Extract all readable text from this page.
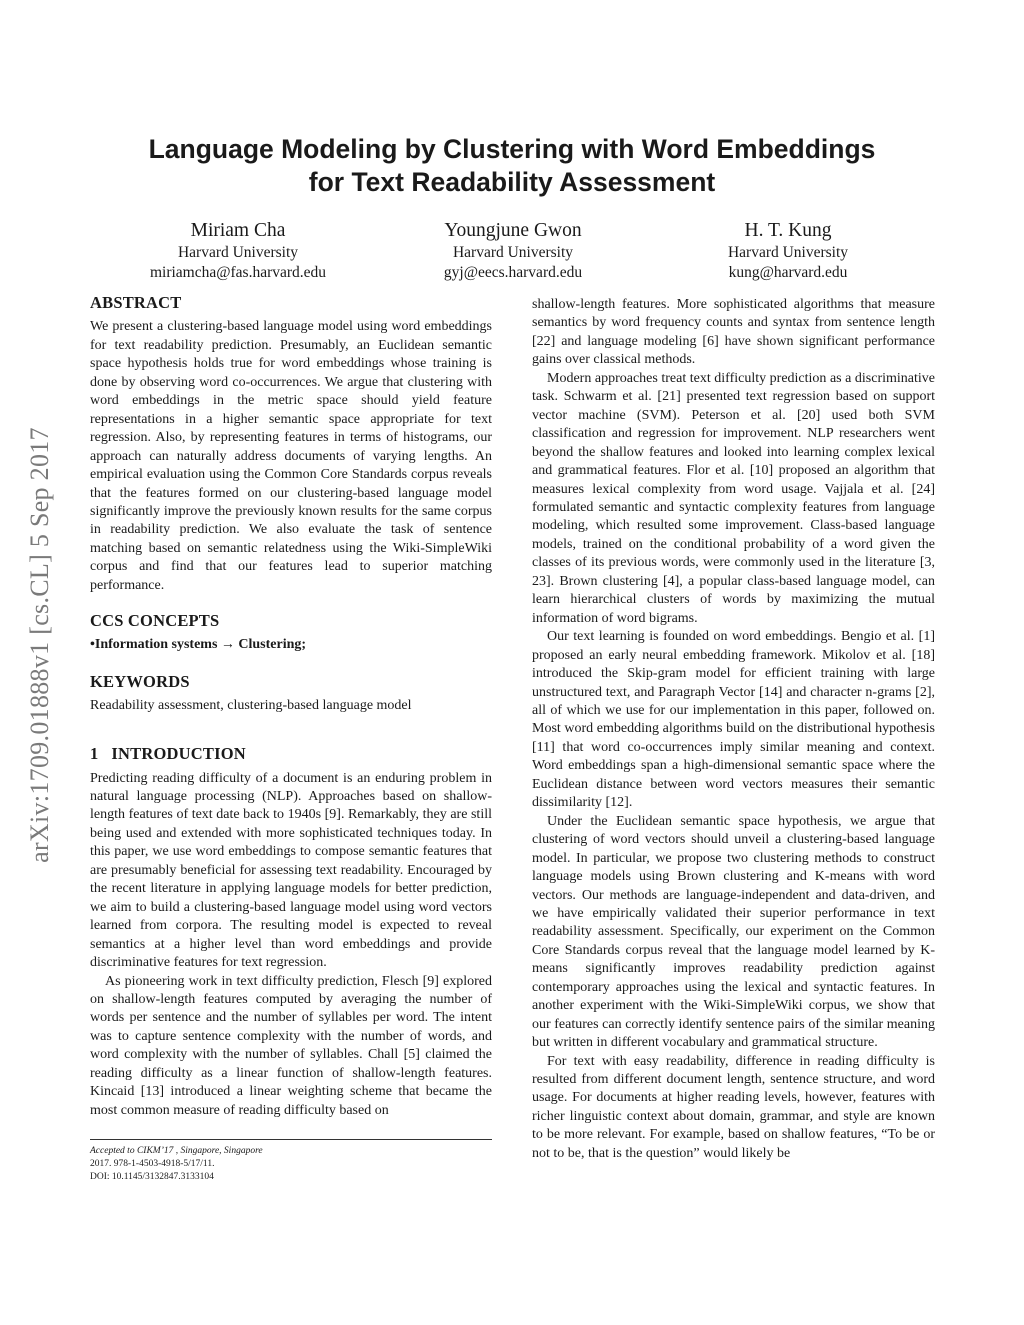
arXiv:1709.01888v1 [cs.CL] 5 Sep 2017
Language Modeling by Clustering with Word Embeddings
for Text Readability Assessment
Miriam Cha
Harvard University
miriamcha@fas.harvard.edu
Youngjune Gwon
Harvard University
gyj@eecs.harvard.edu
H. T. Kung
Harvard University
kung@harvard.edu
ABSTRACT

We present a clustering-based language model using word embeddings for text readability prediction. Presumably, an Euclidean semantic space hypothesis holds true for word embeddings whose training is done by observing word co-occurrences. We argue that clustering with word embeddings in the metric space should yield feature representations in a higher semantic space appropriate for text regression. Also, by representing features in terms of histograms, our approach can naturally address documents of varying lengths. An empirical evaluation using the Common Core Standards corpus reveals that the features formed on our clustering-based language model significantly improve the previously known results for the same corpus in readability prediction. We also evaluate the task of sentence matching based on semantic relatedness using the Wiki-SimpleWiki corpus and find that our features lead to superior matching performance.

CCS CONCEPTS

•Information systems → Clustering;

KEYWORDS

Readability assessment, clustering-based language model

1   INTRODUCTION

Predicting reading difficulty of a document is an enduring problem in natural language processing (NLP). Approaches based on shallow-length features of text date back to 1940s [9]. Remarkably, they are still being used and extended with more sophisticated techniques today. In this paper, we use word embeddings to compose semantic features that are presumably beneficial for assessing text readability. Encouraged by the recent literature in applying language models for better prediction, we aim to build a clustering-based language model using word vectors learned from corpora. The resulting model is expected to reveal semantics at a higher level than word embeddings and provide discriminative features for text regression.

As pioneering work in text difficulty prediction, Flesch [9] explored on shallow-length features computed by averaging the number of words per sentence and the number of syllables per word. The intent was to capture sentence complexity with the number of words, and word complexity with the number of syllables. Chall [5] claimed the reading difficulty as a linear function of shallow-length features. Kincaid [13] introduced a linear weighting scheme that became the most common measure of reading difficulty based on

Accepted to CIKM’17 , Singapore, Singapore
2017. 978-1-4503-4918-5/17/11.
DOI: 10.1145/3132847.3133104

shallow-length features. More sophisticated algorithms that measure semantics by word frequency counts and syntax from sentence length [22] and language modeling [6] have shown significant performance gains over classical methods.

Modern approaches treat text difficulty prediction as a discriminative task. Schwarm et al. [21] presented text regression based on support vector machine (SVM). Peterson et al. [20] used both SVM classification and regression for improvement. NLP researchers went beyond the shallow features and looked into learning complex lexical and grammatical features. Flor et al. [10] proposed an algorithm that measures lexical complexity from word usage. Vajjala et al. [24] formulated semantic and syntactic complexity features from language modeling, which resulted some improvement. Class-based language models, trained on the conditional probability of a word given the classes of its previous words, were commonly used in the literature [3, 23]. Brown clustering [4], a popular class-based language model, can learn hierarchical clusters of words by maximizing the mutual information of word bigrams.

Our text learning is founded on word embeddings. Bengio et al. [1] proposed an early neural embedding framework. Mikolov et al. [18] introduced the Skip-gram model for efficient training with large unstructured text, and Paragraph Vector [14] and character n-grams [2], all of which we use for our implementation in this paper, followed on. Most word embedding algorithms build on the distributional hypothesis [11] that word co-occurrences imply similar meaning and context. Word embeddings span a high-dimensional semantic space where the Euclidean distance between word vectors measures their semantic dissimilarity [12].

Under the Euclidean semantic space hypothesis, we argue that clustering of word vectors should unveil a clustering-based language model. In particular, we propose two clustering methods to construct language models using Brown clustering and K-means with word vectors. Our methods are language-independent and data-driven, and we have empirically validated their superior performance in text readability assessment. Specifically, our experiment on the Common Core Standards corpus reveal that the language model learned by K-means significantly improves readability prediction against contemporary approaches using the lexical and syntactic features. In another experiment with the Wiki-SimpleWiki corpus, we show that our features can correctly identify sentence pairs of the similar meaning but written in different vocabulary and grammatical structure.

For text with easy readability, difference in reading difficulty is resulted from different document length, sentence structure, and word usage. For documents at higher reading levels, however, features with richer linguistic context about domain, grammar, and style are known to be more relevant. For example, based on shallow features, “To be or not to be, that is the question” would likely be
